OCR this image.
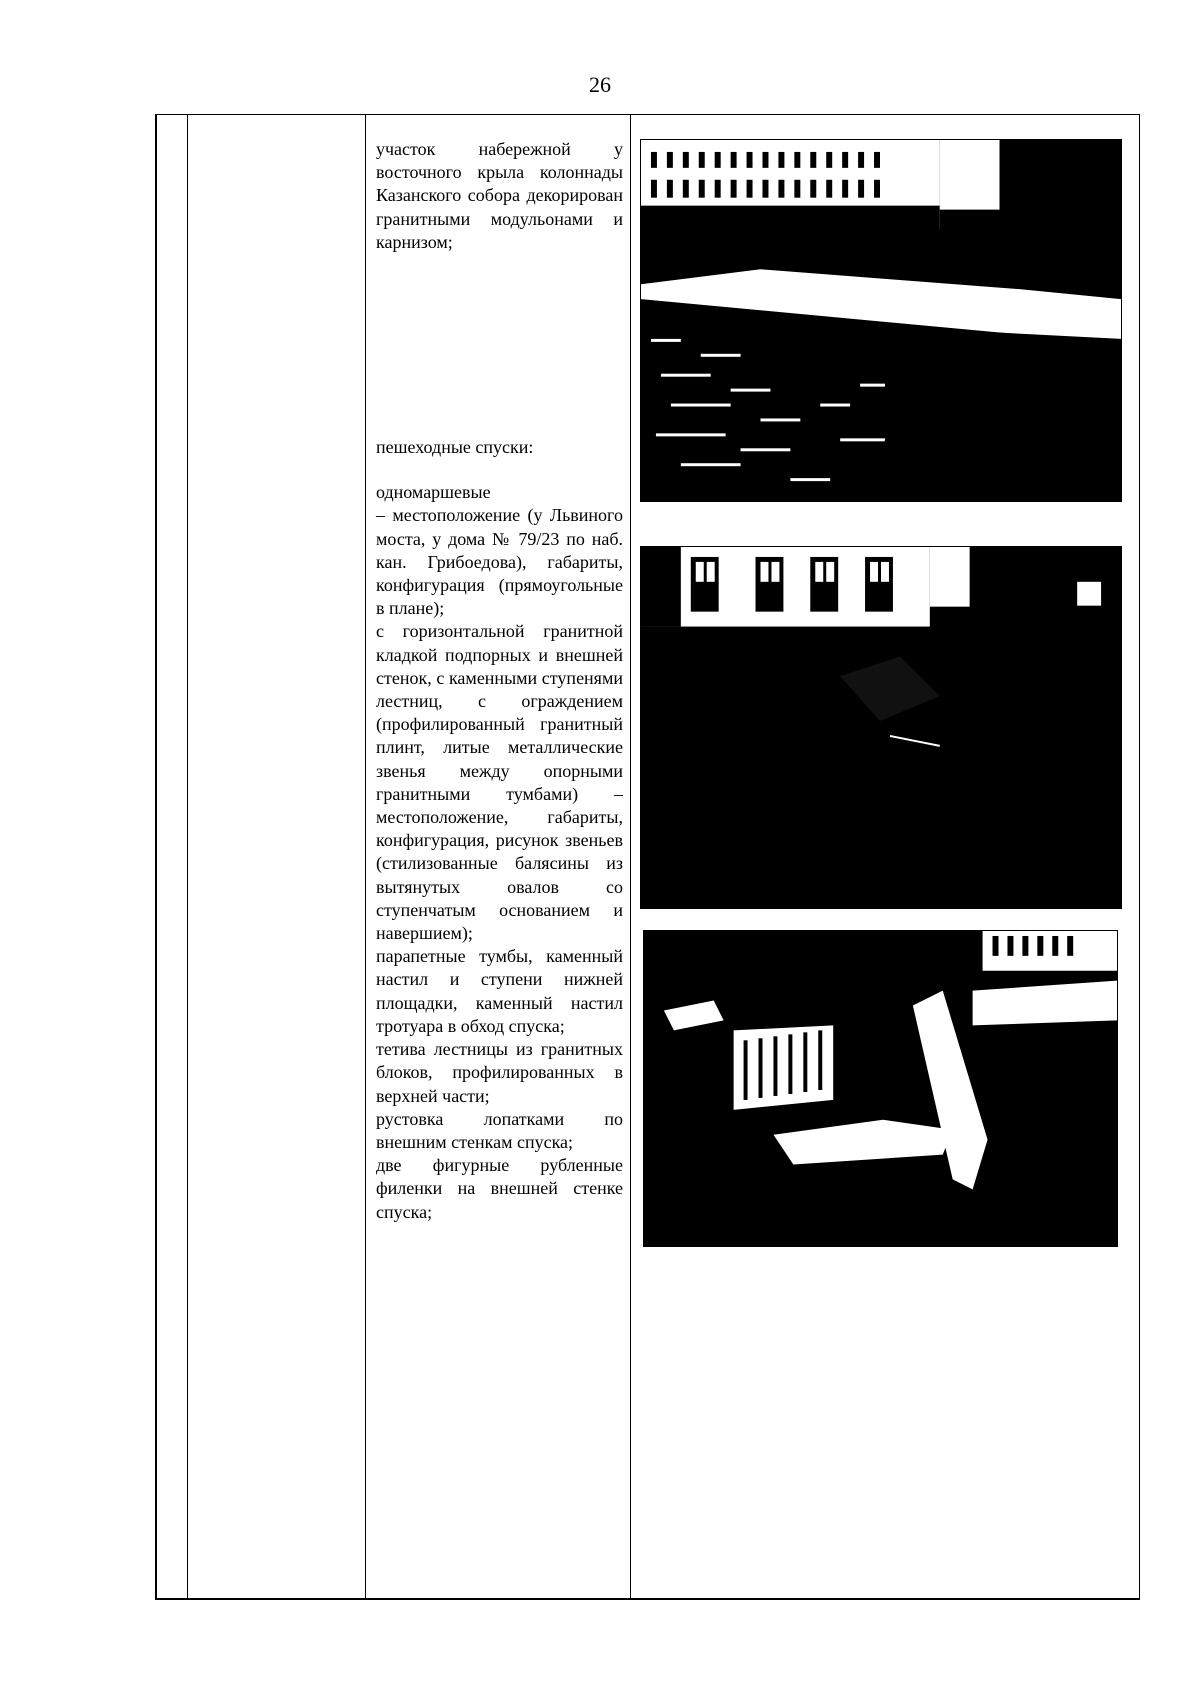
26

участок набережной у восточного крыла колоннады Казанского собора декорирован гранитными модульонами и карнизом;

пешеходные спуски:

одномаршевые

– местоположение (у Львиного моста, у дома № 79/23 по наб. кан. Грибоедова), габариты, конфигурация (прямоугольные в плане);

с горизонтальной гранитной кладкой подпорных и внешней стенок, с каменными ступенями лестниц, с ограждением (профилированный гранитный плинт, литые металлические звенья между опорными гранитными тумбами) – местоположение, габариты, конфигурация, рисунок звеньев (стилизованные балясины из вытянутых овалов со ступенчатым основанием и навершием);

парапетные тумбы, каменный настил и ступени нижней площадки, каменный настил тротуара в обход спуска;

тетива лестницы из гранитных блоков, профилированных в верхней части;

рустовка лопатками по внешним стенкам спуска;

две фигурные рубленные филенки на внешней стенке спуска;
